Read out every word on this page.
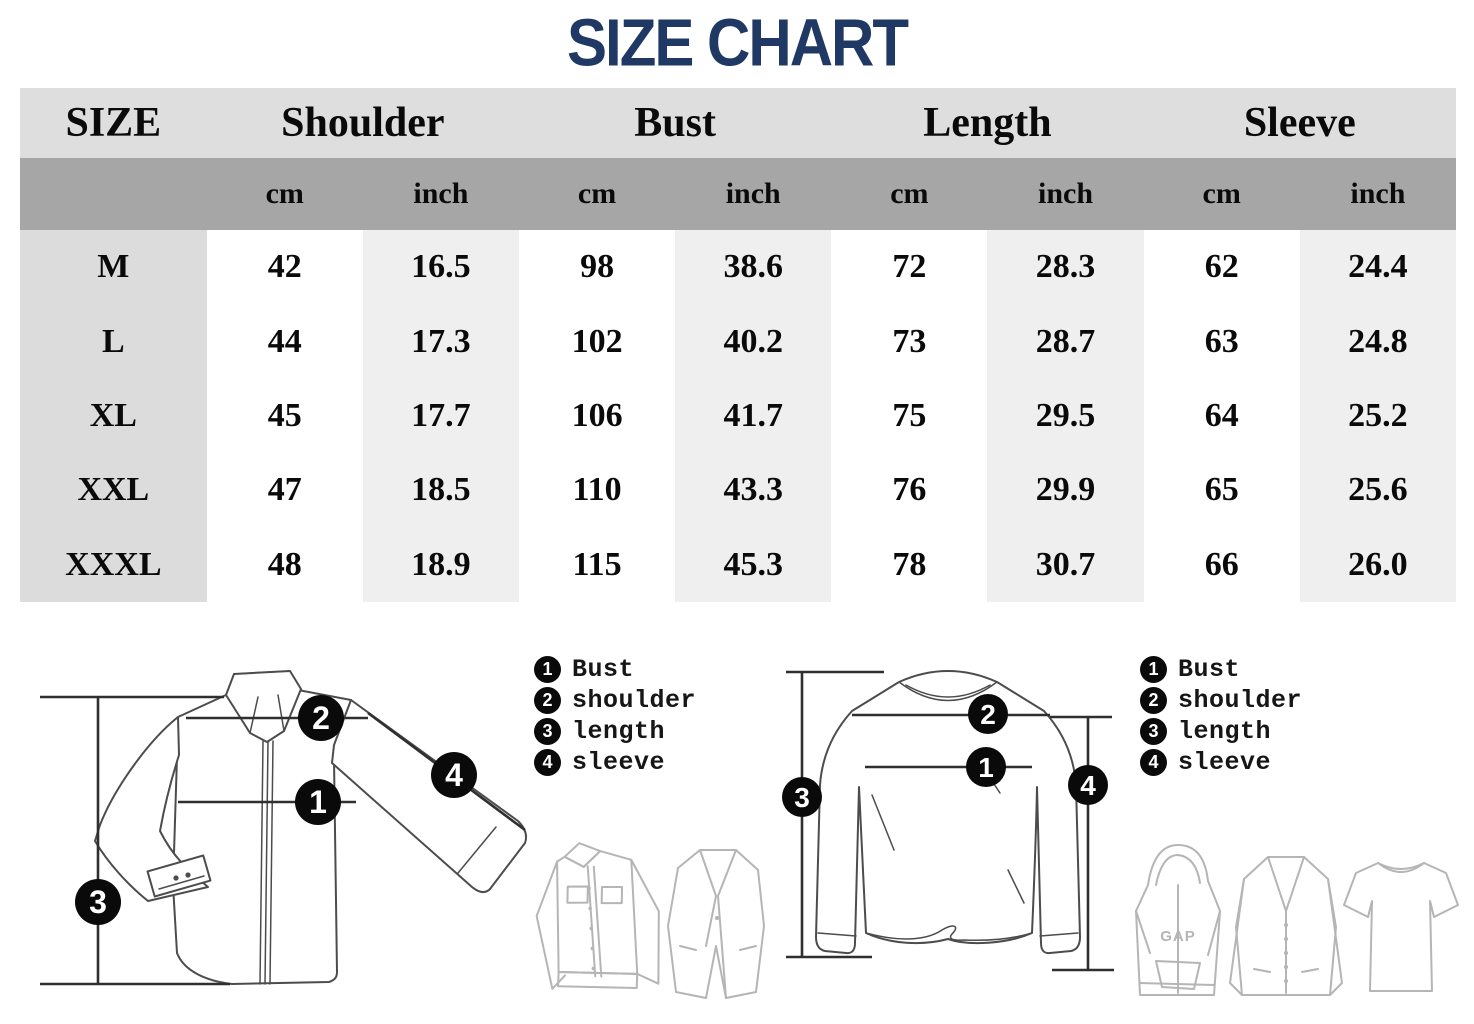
SIZE CHART
SIZE	Shoulder		Bust		Length		Sleeve	
	cm	inch	cm	inch	cm	inch	cm	inch
M	42	16.5	98	38.6	72	28.3	62	24.4
L	44	17.3	102	40.2	73	28.7	63	24.8
XL	45	17.7	106	41.7	75	29.5	64	25.2
XXL	47	18.5	110	43.3	76	29.9	65	25.6
XXXL	48	18.9	115	45.3	78	30.7	66	26.0
2
1
4
3
2
1
3	4
1 Bust
2 shoulder
3 length
4 sleeve
1 Bust
2 shoulder
3 length
4 sleeve
GAP
